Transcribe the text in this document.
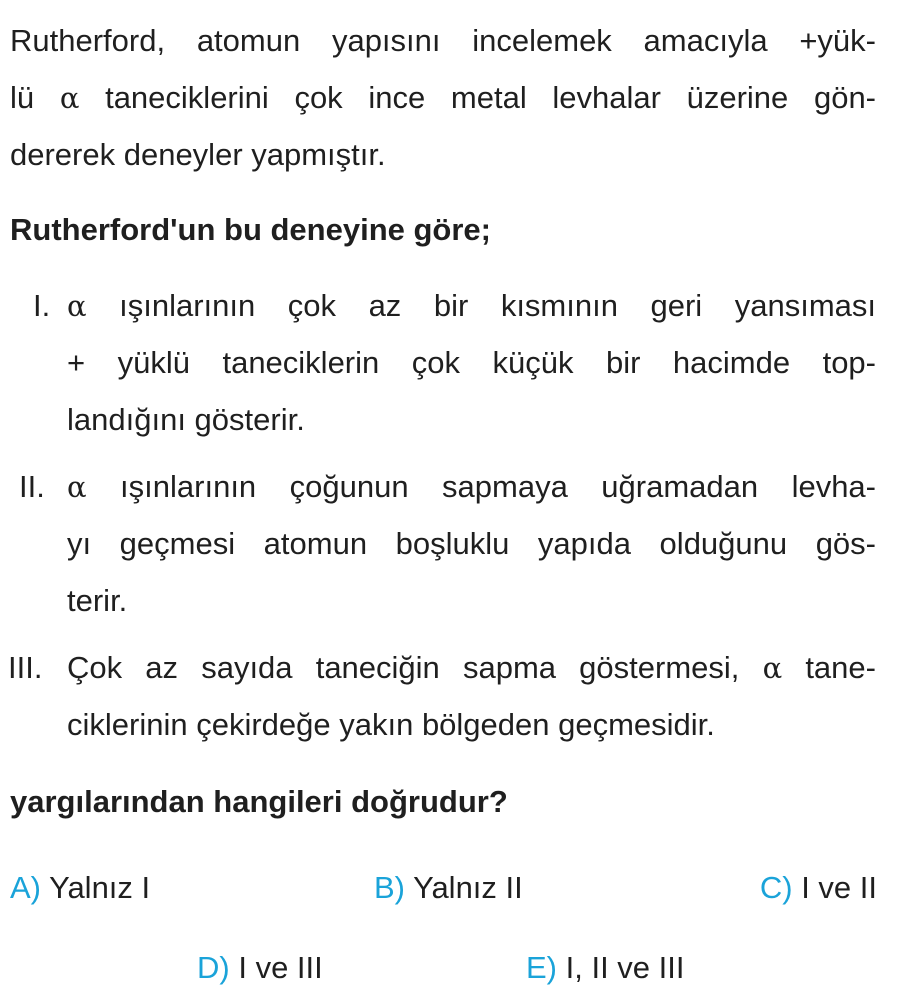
Rutherford, atomun yapısını incelemek amacıyla +yük-
lü α taneciklerini çok ince metal levhalar üzerine gön-
dererek deneyler yapmıştır.
Rutherford'un bu deneyine göre;
I. α ışınlarının çok az bir kısmının geri yansıması
+ yüklü taneciklerin çok küçük bir hacimde top-
landığını gösterir.
II. α ışınlarının çoğunun sapmaya uğramadan levha-
yı geçmesi atomun boşluklu yapıda olduğunu gös-
terir.
III. Çok az sayıda taneciğin sapma göstermesi, α tane-
ciklerinin çekirdeğe yakın bölgeden geçmesidir.
yargılarından hangileri doğrudur?
A) Yalnız I	B) Yalnız II	C) I ve II
D) I ve III	E) I, II ve III
